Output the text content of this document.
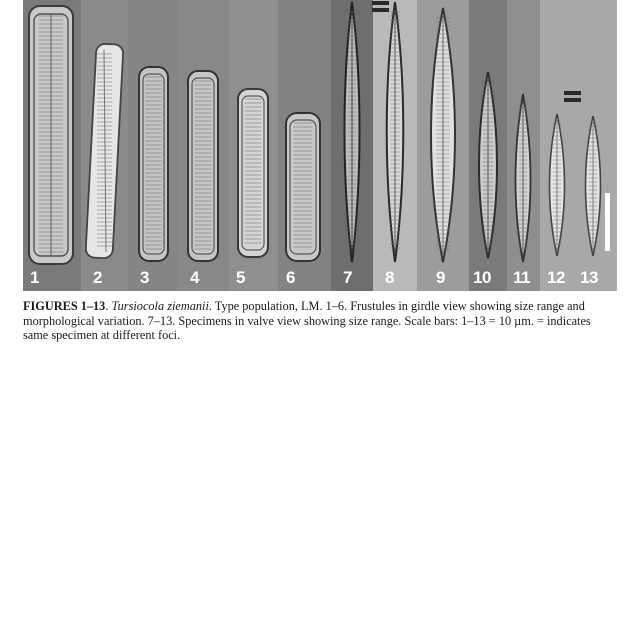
1	2 3 4 5 6	7 8 9 10 11 12 13
FIGURES 1–13. Tursiocola ziemanii. Type population, LM. 1–6. Frustules in girdle view showing size range and morphological variation. 7–13. Specimens in valve view showing size range. Scale bars: 1–13 = 10 µm. = indicates same specimen at different foci.
